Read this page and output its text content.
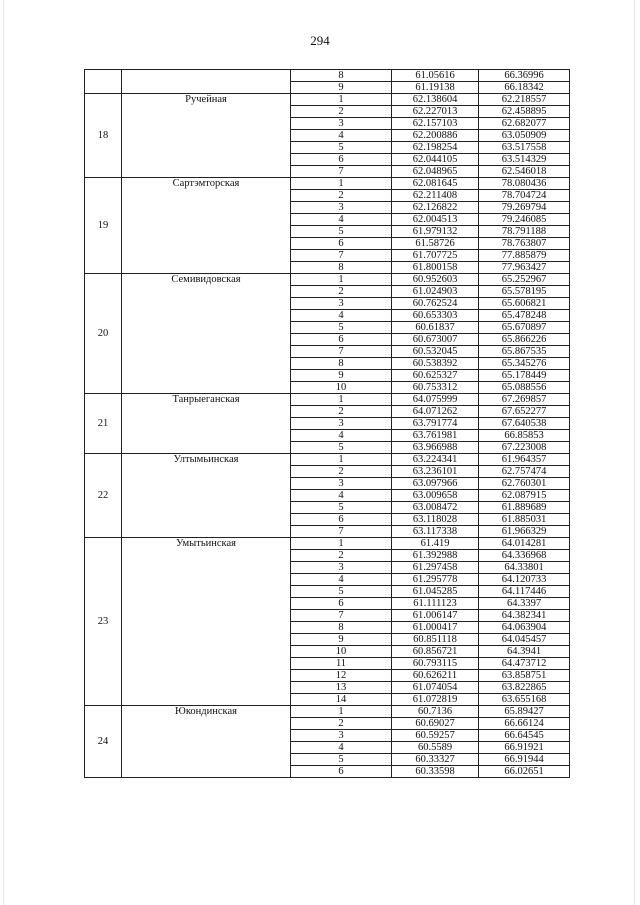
294
		8	61.05616	66.36996
		9	61.19138	66.18342
18	Ручейная	1	62.138604	62.218557
		2	62.227013	62.458895
		3	62.157103	62.682077
		4	62.200886	63.050909
		5	62.198254	63.517558
		6	62.044105	63.514329
		7	62.048965	62.546018
19	Сартэмторская	1	62.081645	78.080436
		2	62.211408	78.704724
		3	62.126822	79.269794
		4	62.004513	79.246085
		5	61.979132	78.791188
		6	61.58726	78.763807
		7	61.707725	77.885879
		8	61.800158	77.963427
20	Семивидовская	1	60.952603	65.252967
		2	61.024903	65.578195
		3	60.762524	65.606821
		4	60.653303	65.478248
		5	60.61837	65.670897
		6	60.673007	65.866226
		7	60.532045	65.867535
		8	60.538392	65.345276
		9	60.625327	65.178449
		10	60.753312	65.088556
21	Танрыеганская	1	64.075999	67.269857
		2	64.071262	67.652277
		3	63.791774	67.640538
		4	63.761981	66.85853
		5	63.966988	67.223008
22	Ултымьинская	1	63.224341	61.964357
		2	63.236101	62.757474
		3	63.097966	62.760301
		4	63.009658	62.087915
		5	63.008472	61.889689
		6	63.118028	61.885031
		7	63.117338	61.966329
23	Умытьинская	1	61.419	64.014281
		2	61.392988	64.336968
		3	61.297458	64.33801
		4	61.295778	64.120733
		5	61.045285	64.117446
		6	61.111123	64.3397
		7	61.006147	64.382341
		8	61.000417	64.063904
		9	60.851118	64.045457
		10	60.856721	64.3941
		11	60.793115	64.473712
		12	60.626211	63.858751
		13	61.074054	63.822865
		14	61.072819	63.655168
24	Юкондинская	1	60.7136	65.89427
		2	60.69027	66.66124
		3	60.59257	66.64545
		4	60.5589	66.91921
		5	60.33327	66.91944
		6	60.33598	66.02651
